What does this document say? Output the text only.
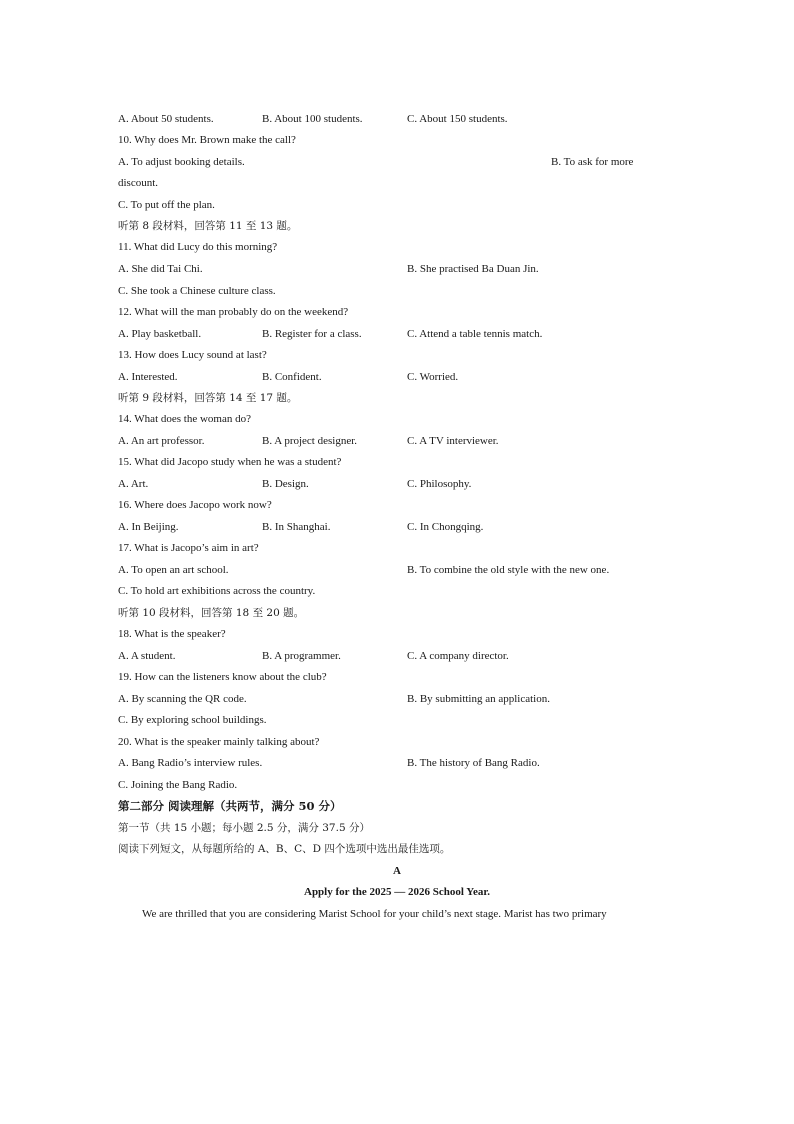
A. About 50 students.	B. About 100 students.	C. About 150 students.
10. Why does Mr. Brown make the call?
A. To adjust booking details.	B. To ask for more
discount.
C. To put off the plan.
听第 8 段材料，回答第 11 至 13 题。
11. What did Lucy do this morning?
A. She did Tai Chi.	B. She practised Ba Duan Jin.
C. She took a Chinese culture class.
12. What will the man probably do on the weekend?
A. Play basketball.	B. Register for a class.	C. Attend a table tennis match.
13. How does Lucy sound at last?
A. Interested.	B. Confident.	C. Worried.
听第 9 段材料，回答第 14 至 17 题。
14. What does the woman do?
A. An art professor.	B. A project designer.	C. A TV interviewer.
15. What did Jacopo study when he was a student?
A. Art.	B. Design.	C. Philosophy.
16. Where does Jacopo work now?
A. In Beijing.	B. In Shanghai.	C. In Chongqing.
17. What is Jacopo’s aim in art?
A. To open an art school.	B. To combine the old style with the new one.
C. To hold art exhibitions across the country.
听第 10 段材料，回答第 18 至 20 题。
18. What is the speaker?
A. A student.	B. A programmer.	C. A company director.
19. How can the listeners know about the club?
A. By scanning the QR code.	B. By submitting an application.
C. By exploring school buildings.
20. What is the speaker mainly talking about?
A. Bang Radio’s interview rules.	B. The history of Bang Radio.
C. Joining the Bang Radio.
第二部分 阅读理解（共两节，满分 50 分）
第一节（共 15 小题；每小题 2.5 分，满分 37.5 分）
阅读下列短文，从每题所给的 A、B、C、D 四个选项中选出最佳选项。
A
Apply for the 2025 — 2026 School Year.
We are thrilled that you are considering Marist School for your child’s next stage. Marist has two primary
